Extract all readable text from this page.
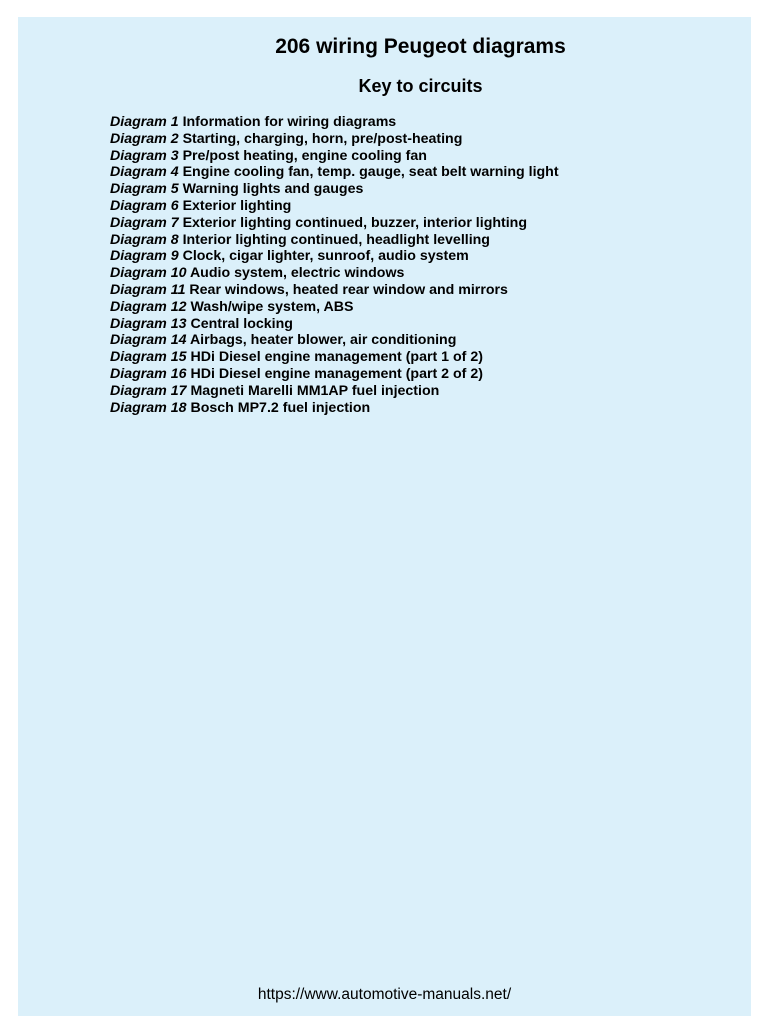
206 wiring Peugeot diagrams
Key to circuits
Diagram 1 Information for wiring diagrams
Diagram 2 Starting, charging, horn, pre/post-heating
Diagram 3 Pre/post heating, engine cooling fan
Diagram 4 Engine cooling fan, temp. gauge, seat belt warning light
Diagram 5 Warning lights and gauges
Diagram 6 Exterior lighting
Diagram 7 Exterior lighting continued, buzzer, interior lighting
Diagram 8 Interior lighting continued, headlight levelling
Diagram 9 Clock, cigar lighter, sunroof, audio system
Diagram 10 Audio system, electric windows
Diagram 11 Rear windows, heated rear window and mirrors
Diagram 12 Wash/wipe system, ABS
Diagram 13 Central locking
Diagram 14 Airbags, heater blower, air conditioning
Diagram 15 HDi Diesel engine management (part 1 of 2)
Diagram 16 HDi Diesel engine management (part 2 of 2)
Diagram 17 Magneti Marelli MM1AP fuel injection
Diagram 18 Bosch MP7.2 fuel injection
https://www.automotive-manuals.net/
